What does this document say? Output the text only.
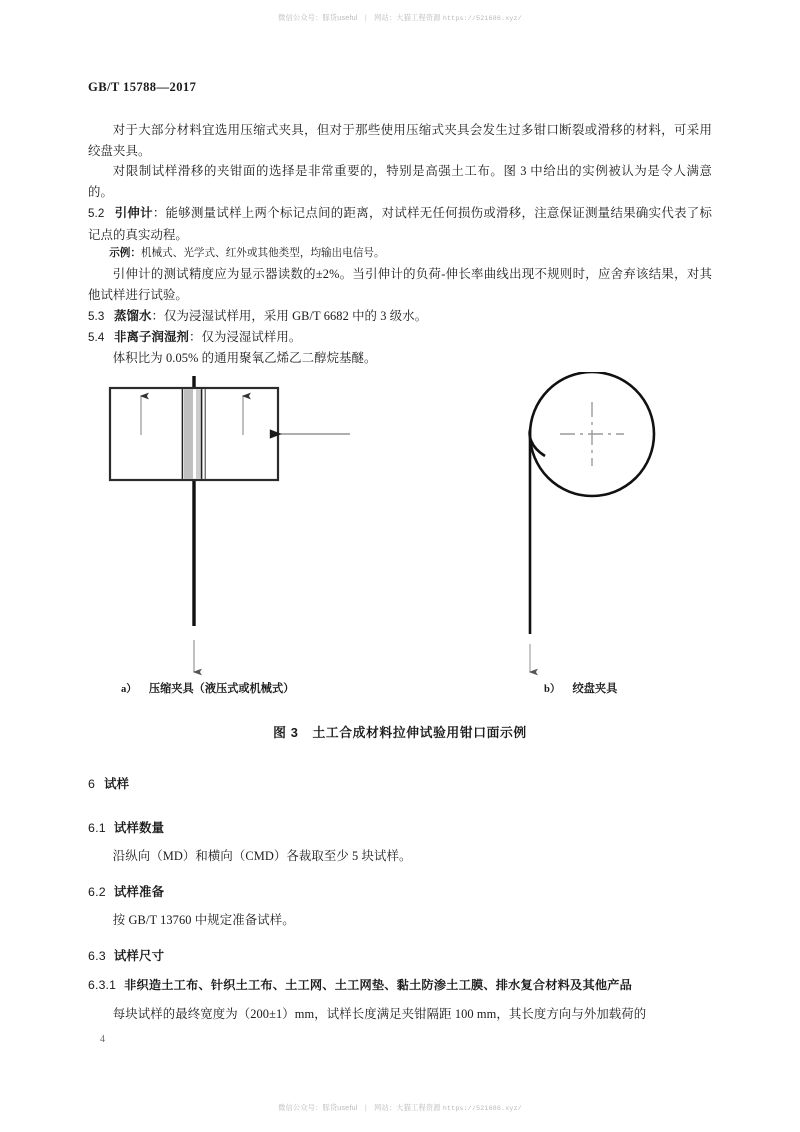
微信公众号：豚货useful | 网站：大猫工程资源 https://521686.xyz/
GB/T 15788—2017

对于大部分材料宜选用压缩式夹具，但对于那些使用压缩式夹具会发生过多钳口断裂或滑移的材料，可采用绞盘夹具。

对限制试样滑移的夹钳面的选择是非常重要的，特别是高强土工布。图 3 中给出的实例被认为是令人满意的。

5.2 引伸计：能够测量试样上两个标记点间的距离，对试样无任何损伤或滑移，注意保证测量结果确实代表了标记点的真实动程。

示例：机械式、光学式、红外或其他类型，均输出电信号。

引伸计的测试精度应为显示器读数的±2%。当引伸计的负荷-伸长率曲线出现不规则时，应舍弃该结果，对其他试样进行试验。

5.3 蒸馏水：仅为浸湿试样用，采用 GB/T 6682 中的 3 级水。

5.4 非离子润湿剂：仅为浸湿试样用。

体积比为 0.05% 的通用聚氧乙烯乙二醇烷基醚。

a） 压缩夹具（液压式或机械式）	b） 绞盘夹具
图 3 土工合成材料拉伸试验用钳口面示例
6 试样
6.1 试样数量

沿纵向（MD）和横向（CMD）各裁取至少 5 块试样。

6.2 试样准备

按 GB/T 13760 中规定准备试样。

6.3 试样尺寸
6.3.1 非织造土工布、针织土工布、土工网、土工网垫、黏土防渗土工膜、排水复合材料及其他产品

每块试样的最终宽度为（200±1）mm，试样长度满足夹钳隔距 100 mm，其长度方向与外加载荷的

4
微信公众号：豚货useful | 网站：大猫工程资源 https://521686.xyz/
